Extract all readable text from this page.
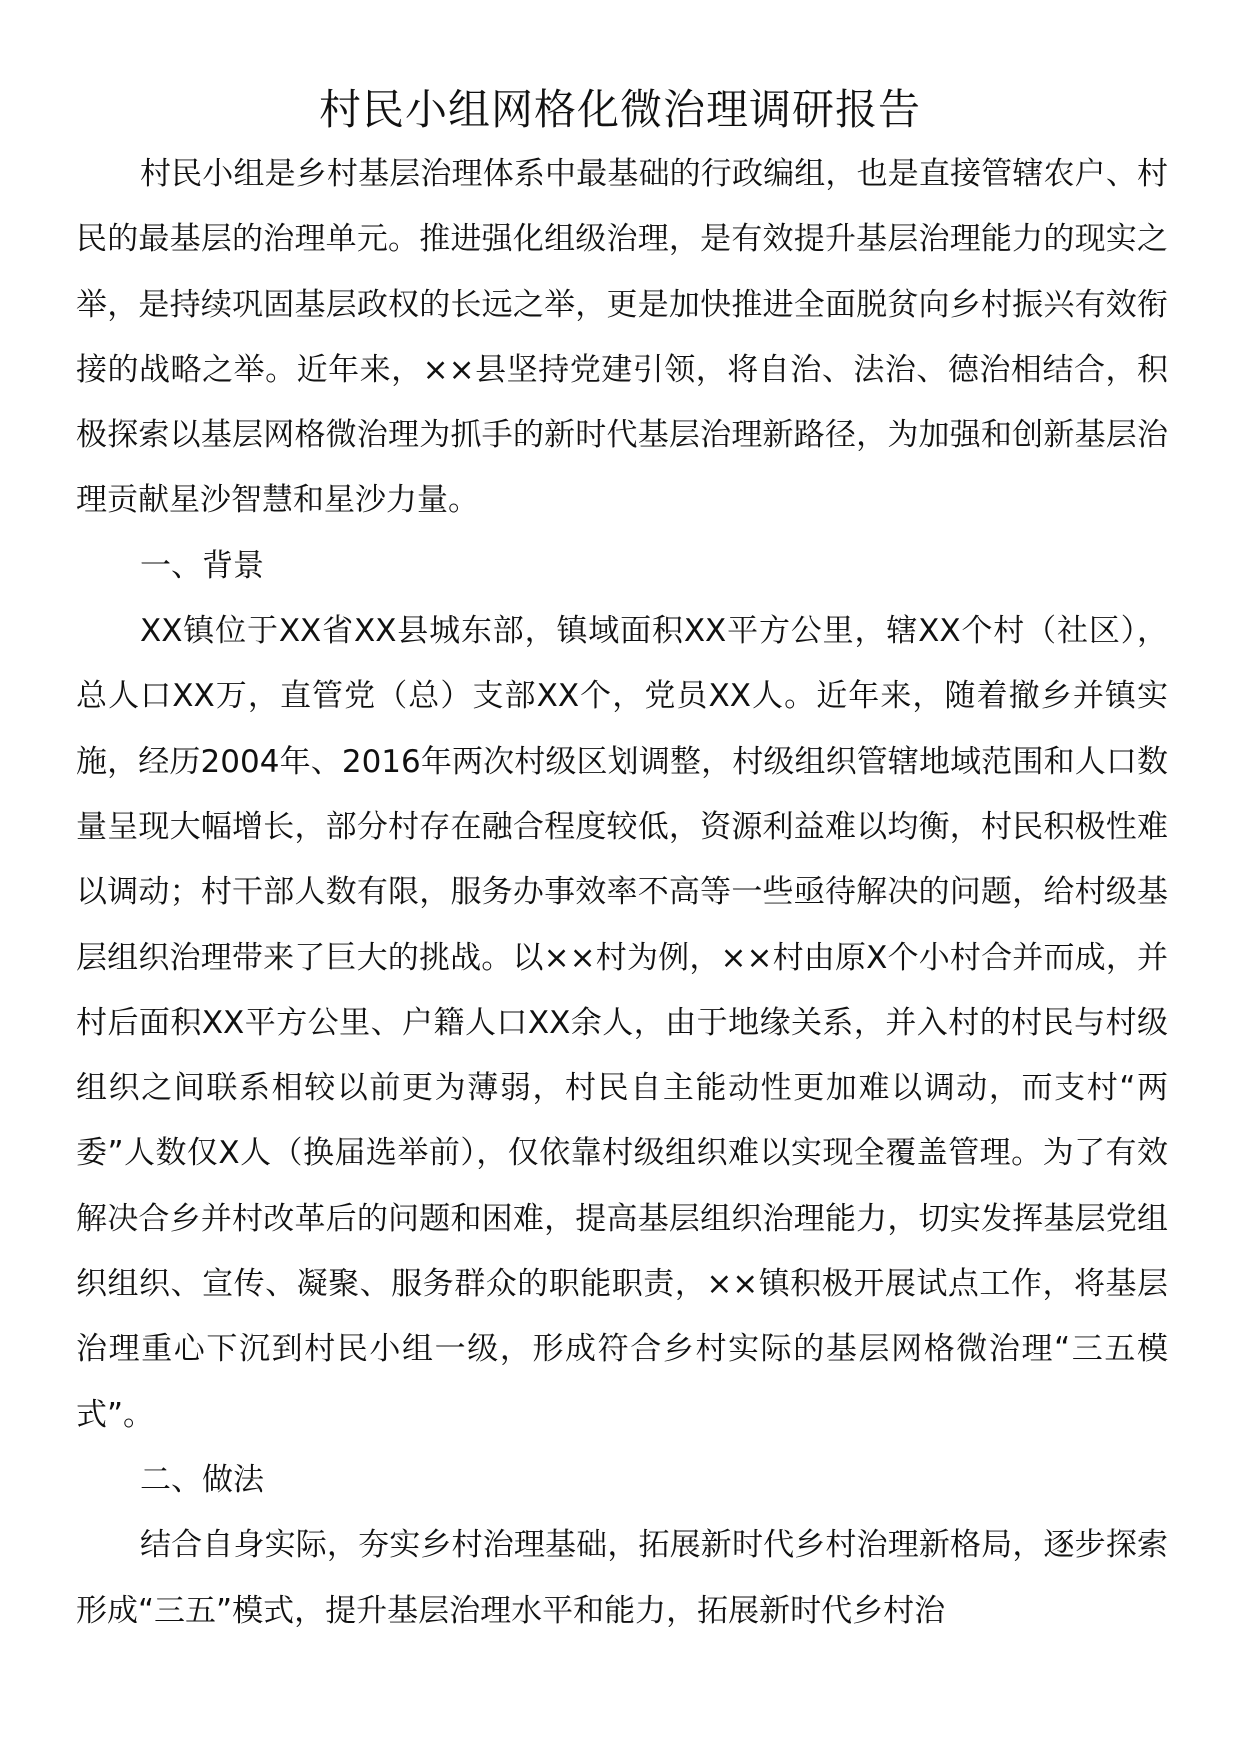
村民小组网格化微治理调研报告

村民小组是乡村基层治理体系中最基础的行政编组，也是直接管辖农户、村民的最基层的治理单元。推进强化组级治理，是有效提升基层治理能力的现实之举，是持续巩固基层政权的长远之举，更是加快推进全面脱贫向乡村振兴有效衔接的战略之举。近年来，××县坚持党建引领，将自治、法治、德治相结合，积极探索以基层网格微治理为抓手的新时代基层治理新路径，为加强和创新基层治理贡献星沙智慧和星沙力量。

一、背景

XX镇位于XX省XX县城东部，镇域面积XX平方公里，辖XX个村（社区），总人口XX万，直管党（总）支部XX个，党员XX人。近年来，随着撤乡并镇实施，经历2004年、2016年两次村级区划调整，村级组织管辖地域范围和人口数量呈现大幅增长，部分村存在融合程度较低，资源利益难以均衡，村民积极性难以调动；村干部人数有限，服务办事效率不高等一些亟待解决的问题，给村级基层组织治理带来了巨大的挑战。以××村为例，××村由原X个小村合并而成，并村后面积XX平方公里、户籍人口XX余人，由于地缘关系，并入村的村民与村级组织之间联系相较以前更为薄弱，村民自主能动性更加难以调动，而支村“两委”人数仅X人（换届选举前），仅依靠村级组织难以实现全覆盖管理。为了有效解决合乡并村改革后的问题和困难，提高基层组织治理能力，切实发挥基层党组织组织、宣传、凝聚、服务群众的职能职责，××镇积极开展试点工作，将基层治理重心下沉到村民小组一级，形成符合乡村实际的基层网格微治理“三五模式”。

二、做法

结合自身实际，夯实乡村治理基础，拓展新时代乡村治理新格局，逐步探索形成“三五”模式，提升基层治理水平和能力，拓展新时代乡村治
